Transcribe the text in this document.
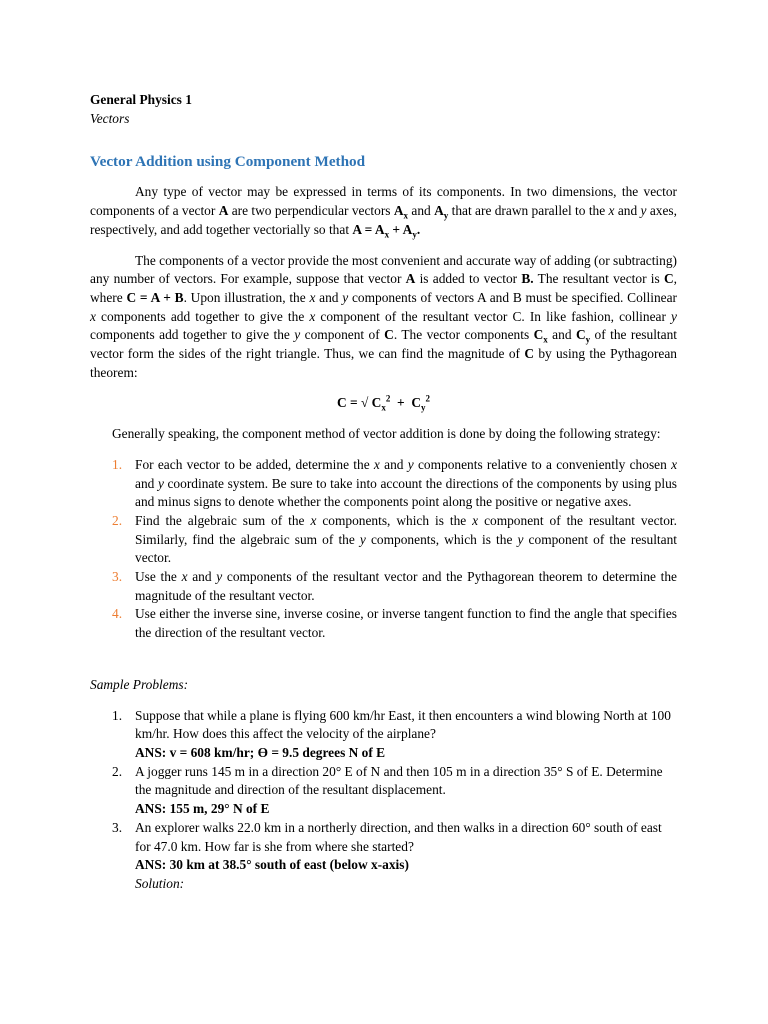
General Physics 1
Vectors
Vector Addition using Component Method

Any type of vector may be expressed in terms of its components. In two dimensions, the vector components of a vector A are two perpendicular vectors $A_x$ and $A_y$ that are drawn parallel to the x and y axes, respectively, and add together vectorially so that $A = A_x + A_y$.

The components of a vector provide the most convenient and accurate way of adding (or subtracting) any number of vectors. For example, suppose that vector A is added to vector B. The resultant vector is C, where C = A + B. Upon illustration, the x and y components of vectors A and B must be specified. Collinear x components add together to give the x component of the resultant vector C. In like fashion, collinear y components add together to give the y component of C. The vector components $C_x$ and $C_y$ of the resultant vector form the sides of the right triangle. Thus, we can find the magnitude of C by using the Pythagorean theorem:

C = √ $C_x^2 + C_y^2$

Generally speaking, the component method of vector addition is done by doing the following strategy:

1. For each vector to be added, determine the x and y components relative to a conveniently chosen x and y coordinate system. Be sure to take into account the directions of the components by using plus and minus signs to denote whether the components point along the positive or negative axes.
2. Find the algebraic sum of the x components, which is the x component of the resultant vector. Similarly, find the algebraic sum of the y components, which is the y component of the resultant vector.
3. Use the x and y components of the resultant vector and the Pythagorean theorem to determine the magnitude of the resultant vector.
4. Use either the inverse sine, inverse cosine, or inverse tangent function to find the angle that specifies the direction of the resultant vector.
Sample Problems:
1. Suppose that while a plane is flying 600 km/hr East, it then encounters a wind blowing North at 100 km/hr. How does this affect the velocity of the airplane?
ANS: v = 608 km/hr; Ɵ = 9.5 degrees N of E
2. A jogger runs 145 m in a direction 20° E of N and then 105 m in a direction 35° S of E. Determine the magnitude and direction of the resultant displacement.
ANS: 155 m, 29° N of E
3. An explorer walks 22.0 km in a northerly direction, and then walks in a direction 60° south of east for 47.0 km. How far is she from where she started?
ANS: 30 km at 38.5° south of east (below x-axis)
Solution:
